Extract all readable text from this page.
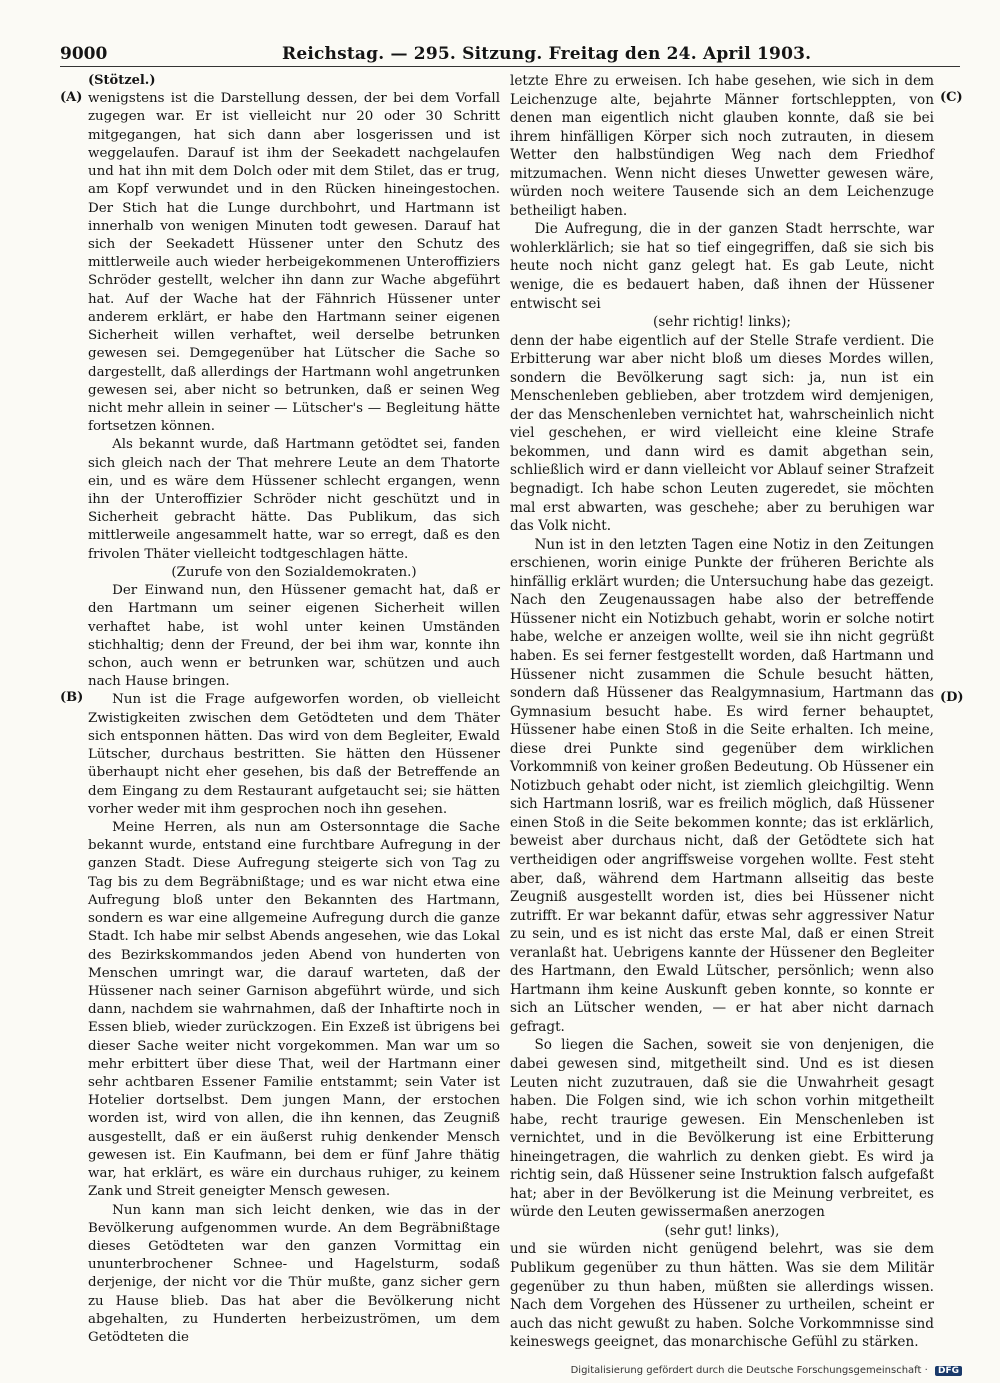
9000	Reichstag. — 295. Sitzung. Freitag den 24. April 1903.
(A)
(B)
(C)
(D)

(Stötzel.)

wenigstens ist die Darstellung dessen, der bei dem Vorfall zugegen war. Er ist vielleicht nur 20 oder 30 Schritt mitgegangen, hat sich dann aber losgerissen und ist weggelaufen. Darauf ist ihm der Seekadett nachgelaufen und hat ihn mit dem Dolch oder mit dem Stilet, das er trug, am Kopf verwundet und in den Rücken hineingestochen. Der Stich hat die Lunge durchbohrt, und Hartmann ist innerhalb von wenigen Minuten todt gewesen. Darauf hat sich der Seekadett Hüssener unter den Schutz des mittlerweile auch wieder herbeigekommenen Unteroffiziers Schröder gestellt, welcher ihn dann zur Wache abgeführt hat. Auf der Wache hat der Fähnrich Hüssener unter anderem erklärt, er habe den Hartmann seiner eigenen Sicherheit willen verhaftet, weil derselbe betrunken gewesen sei. Demgegenüber hat Lütscher die Sache so dargestellt, daß allerdings der Hartmann wohl angetrunken gewesen sei, aber nicht so betrunken, daß er seinen Weg nicht mehr allein in seiner — Lütscher's — Begleitung hätte fortsetzen können.

Als bekannt wurde, daß Hartmann getödtet sei, fanden sich gleich nach der That mehrere Leute an dem Thatorte ein, und es wäre dem Hüssener schlecht ergangen, wenn ihn der Unteroffizier Schröder nicht geschützt und in Sicherheit gebracht hätte. Das Publikum, das sich mittlerweile angesammelt hatte, war so erregt, daß es den frivolen Thäter vielleicht todtgeschlagen hätte.

(Zurufe von den Sozialdemokraten.)

Der Einwand nun, den Hüssener gemacht hat, daß er den Hartmann um seiner eigenen Sicherheit willen verhaftet habe, ist wohl unter keinen Umständen stichhaltig; denn der Freund, der bei ihm war, konnte ihn schon, auch wenn er betrunken war, schützen und auch nach Hause bringen.

Nun ist die Frage aufgeworfen worden, ob vielleicht Zwistigkeiten zwischen dem Getödteten und dem Thäter sich entsponnen hätten. Das wird von dem Begleiter, Ewald Lütscher, durchaus bestritten. Sie hätten den Hüssener überhaupt nicht eher gesehen, bis daß der Betreffende an dem Eingang zu dem Restaurant aufgetaucht sei; sie hätten vorher weder mit ihm gesprochen noch ihn gesehen.

Meine Herren, als nun am Ostersonntage die Sache bekannt wurde, entstand eine furchtbare Aufregung in der ganzen Stadt. Diese Aufregung steigerte sich von Tag zu Tag bis zu dem Begräbnißtage; und es war nicht etwa eine Aufregung bloß unter den Bekannten des Hartmann, sondern es war eine allgemeine Aufregung durch die ganze Stadt. Ich habe mir selbst Abends angesehen, wie das Lokal des Bezirkskommandos jeden Abend von hunderten von Menschen umringt war, die darauf warteten, daß der Hüssener nach seiner Garnison abgeführt würde, und sich dann, nachdem sie wahrnahmen, daß der Inhaftirte noch in Essen blieb, wieder zurückzogen. Ein Exzeß ist übrigens bei dieser Sache weiter nicht vorgekommen. Man war um so mehr erbittert über diese That, weil der Hartmann einer sehr achtbaren Essener Familie entstammt; sein Vater ist Hotelier dortselbst. Dem jungen Mann, der erstochen worden ist, wird von allen, die ihn kennen, das Zeugniß ausgestellt, daß er ein äußerst ruhig denkender Mensch gewesen ist. Ein Kaufmann, bei dem er fünf Jahre thätig war, hat erklärt, es wäre ein durchaus ruhiger, zu keinem Zank und Streit geneigter Mensch gewesen.

Nun kann man sich leicht denken, wie das in der Bevölkerung aufgenommen wurde. An dem Begräbnißtage dieses Getödteten war den ganzen Vormittag ein ununterbrochener Schnee- und Hagelsturm, sodaß derjenige, der nicht vor die Thür mußte, ganz sicher gern zu Hause blieb. Das hat aber die Bevölkerung nicht abgehalten, zu Hunderten herbeizuströmen, um dem Getödteten die

letzte Ehre zu erweisen. Ich habe gesehen, wie sich in dem Leichenzuge alte, bejahrte Männer fortschleppten, von denen man eigentlich nicht glauben konnte, daß sie bei ihrem hinfälligen Körper sich noch zutrauten, in diesem Wetter den halbstündigen Weg nach dem Friedhof mitzumachen. Wenn nicht dieses Unwetter gewesen wäre, würden noch weitere Tausende sich an dem Leichenzuge betheiligt haben.

Die Aufregung, die in der ganzen Stadt herrschte, war wohlerklärlich; sie hat so tief eingegriffen, daß sie sich bis heute noch nicht ganz gelegt hat. Es gab Leute, nicht wenige, die es bedauert haben, daß ihnen der Hüssener entwischt sei

(sehr richtig! links);

denn der habe eigentlich auf der Stelle Strafe verdient. Die Erbitterung war aber nicht bloß um dieses Mordes willen, sondern die Bevölkerung sagt sich: ja, nun ist ein Menschenleben geblieben, aber trotzdem wird demjenigen, der das Menschenleben vernichtet hat, wahrscheinlich nicht viel geschehen, er wird vielleicht eine kleine Strafe bekommen, und dann wird es damit abgethan sein, schließlich wird er dann vielleicht vor Ablauf seiner Strafzeit begnadigt. Ich habe schon Leuten zugeredet, sie möchten mal erst abwarten, was geschehe; aber zu beruhigen war das Volk nicht.

Nun ist in den letzten Tagen eine Notiz in den Zeitungen erschienen, worin einige Punkte der früheren Berichte als hinfällig erklärt wurden; die Untersuchung habe das gezeigt. Nach den Zeugenaussagen habe also der betreffende Hüssener nicht ein Notizbuch gehabt, worin er solche notirt habe, welche er anzeigen wollte, weil sie ihn nicht gegrüßt haben. Es sei ferner festgestellt worden, daß Hartmann und Hüssener nicht zusammen die Schule besucht hätten, sondern daß Hüssener das Realgymnasium, Hartmann das Gymnasium besucht habe. Es wird ferner behauptet, Hüssener habe einen Stoß in die Seite erhalten. Ich meine, diese drei Punkte sind gegenüber dem wirklichen Vorkommniß von keiner großen Bedeutung. Ob Hüssener ein Notizbuch gehabt oder nicht, ist ziemlich gleichgiltig. Wenn sich Hartmann losriß, war es freilich möglich, daß Hüssener einen Stoß in die Seite bekommen konnte; das ist erklärlich, beweist aber durchaus nicht, daß der Getödtete sich hat vertheidigen oder angriffsweise vorgehen wollte. Fest steht aber, daß, während dem Hartmann allseitig das beste Zeugniß ausgestellt worden ist, dies bei Hüssener nicht zutrifft. Er war bekannt dafür, etwas sehr aggressiver Natur zu sein, und es ist nicht das erste Mal, daß er einen Streit veranlaßt hat. Uebrigens kannte der Hüssener den Begleiter des Hartmann, den Ewald Lütscher, persönlich; wenn also Hartmann ihm keine Auskunft geben konnte, so konnte er sich an Lütscher wenden, — er hat aber nicht darnach gefragt.

So liegen die Sachen, soweit sie von denjenigen, die dabei gewesen sind, mitgetheilt sind. Und es ist diesen Leuten nicht zuzutrauen, daß sie die Unwahrheit gesagt haben. Die Folgen sind, wie ich schon vorhin mitgetheilt habe, recht traurige gewesen. Ein Menschenleben ist vernichtet, und in die Bevölkerung ist eine Erbitterung hineingetragen, die wahrlich zu denken giebt. Es wird ja richtig sein, daß Hüssener seine Instruktion falsch aufgefaßt hat; aber in der Bevölkerung ist die Meinung verbreitet, es würde den Leuten gewissermaßen anerzogen

(sehr gut! links),

und sie würden nicht genügend belehrt, was sie dem Publikum gegenüber zu thun hätten. Was sie dem Militär gegenüber zu thun haben, müßten sie allerdings wissen. Nach dem Vorgehen des Hüssener zu urtheilen, scheint er auch das nicht gewußt zu haben. Solche Vorkommnisse sind keineswegs geeignet, das monarchische Gefühl zu stärken.

Digitalisierung gefördert durch die Deutsche Forschungsgemeinschaft · DFG
